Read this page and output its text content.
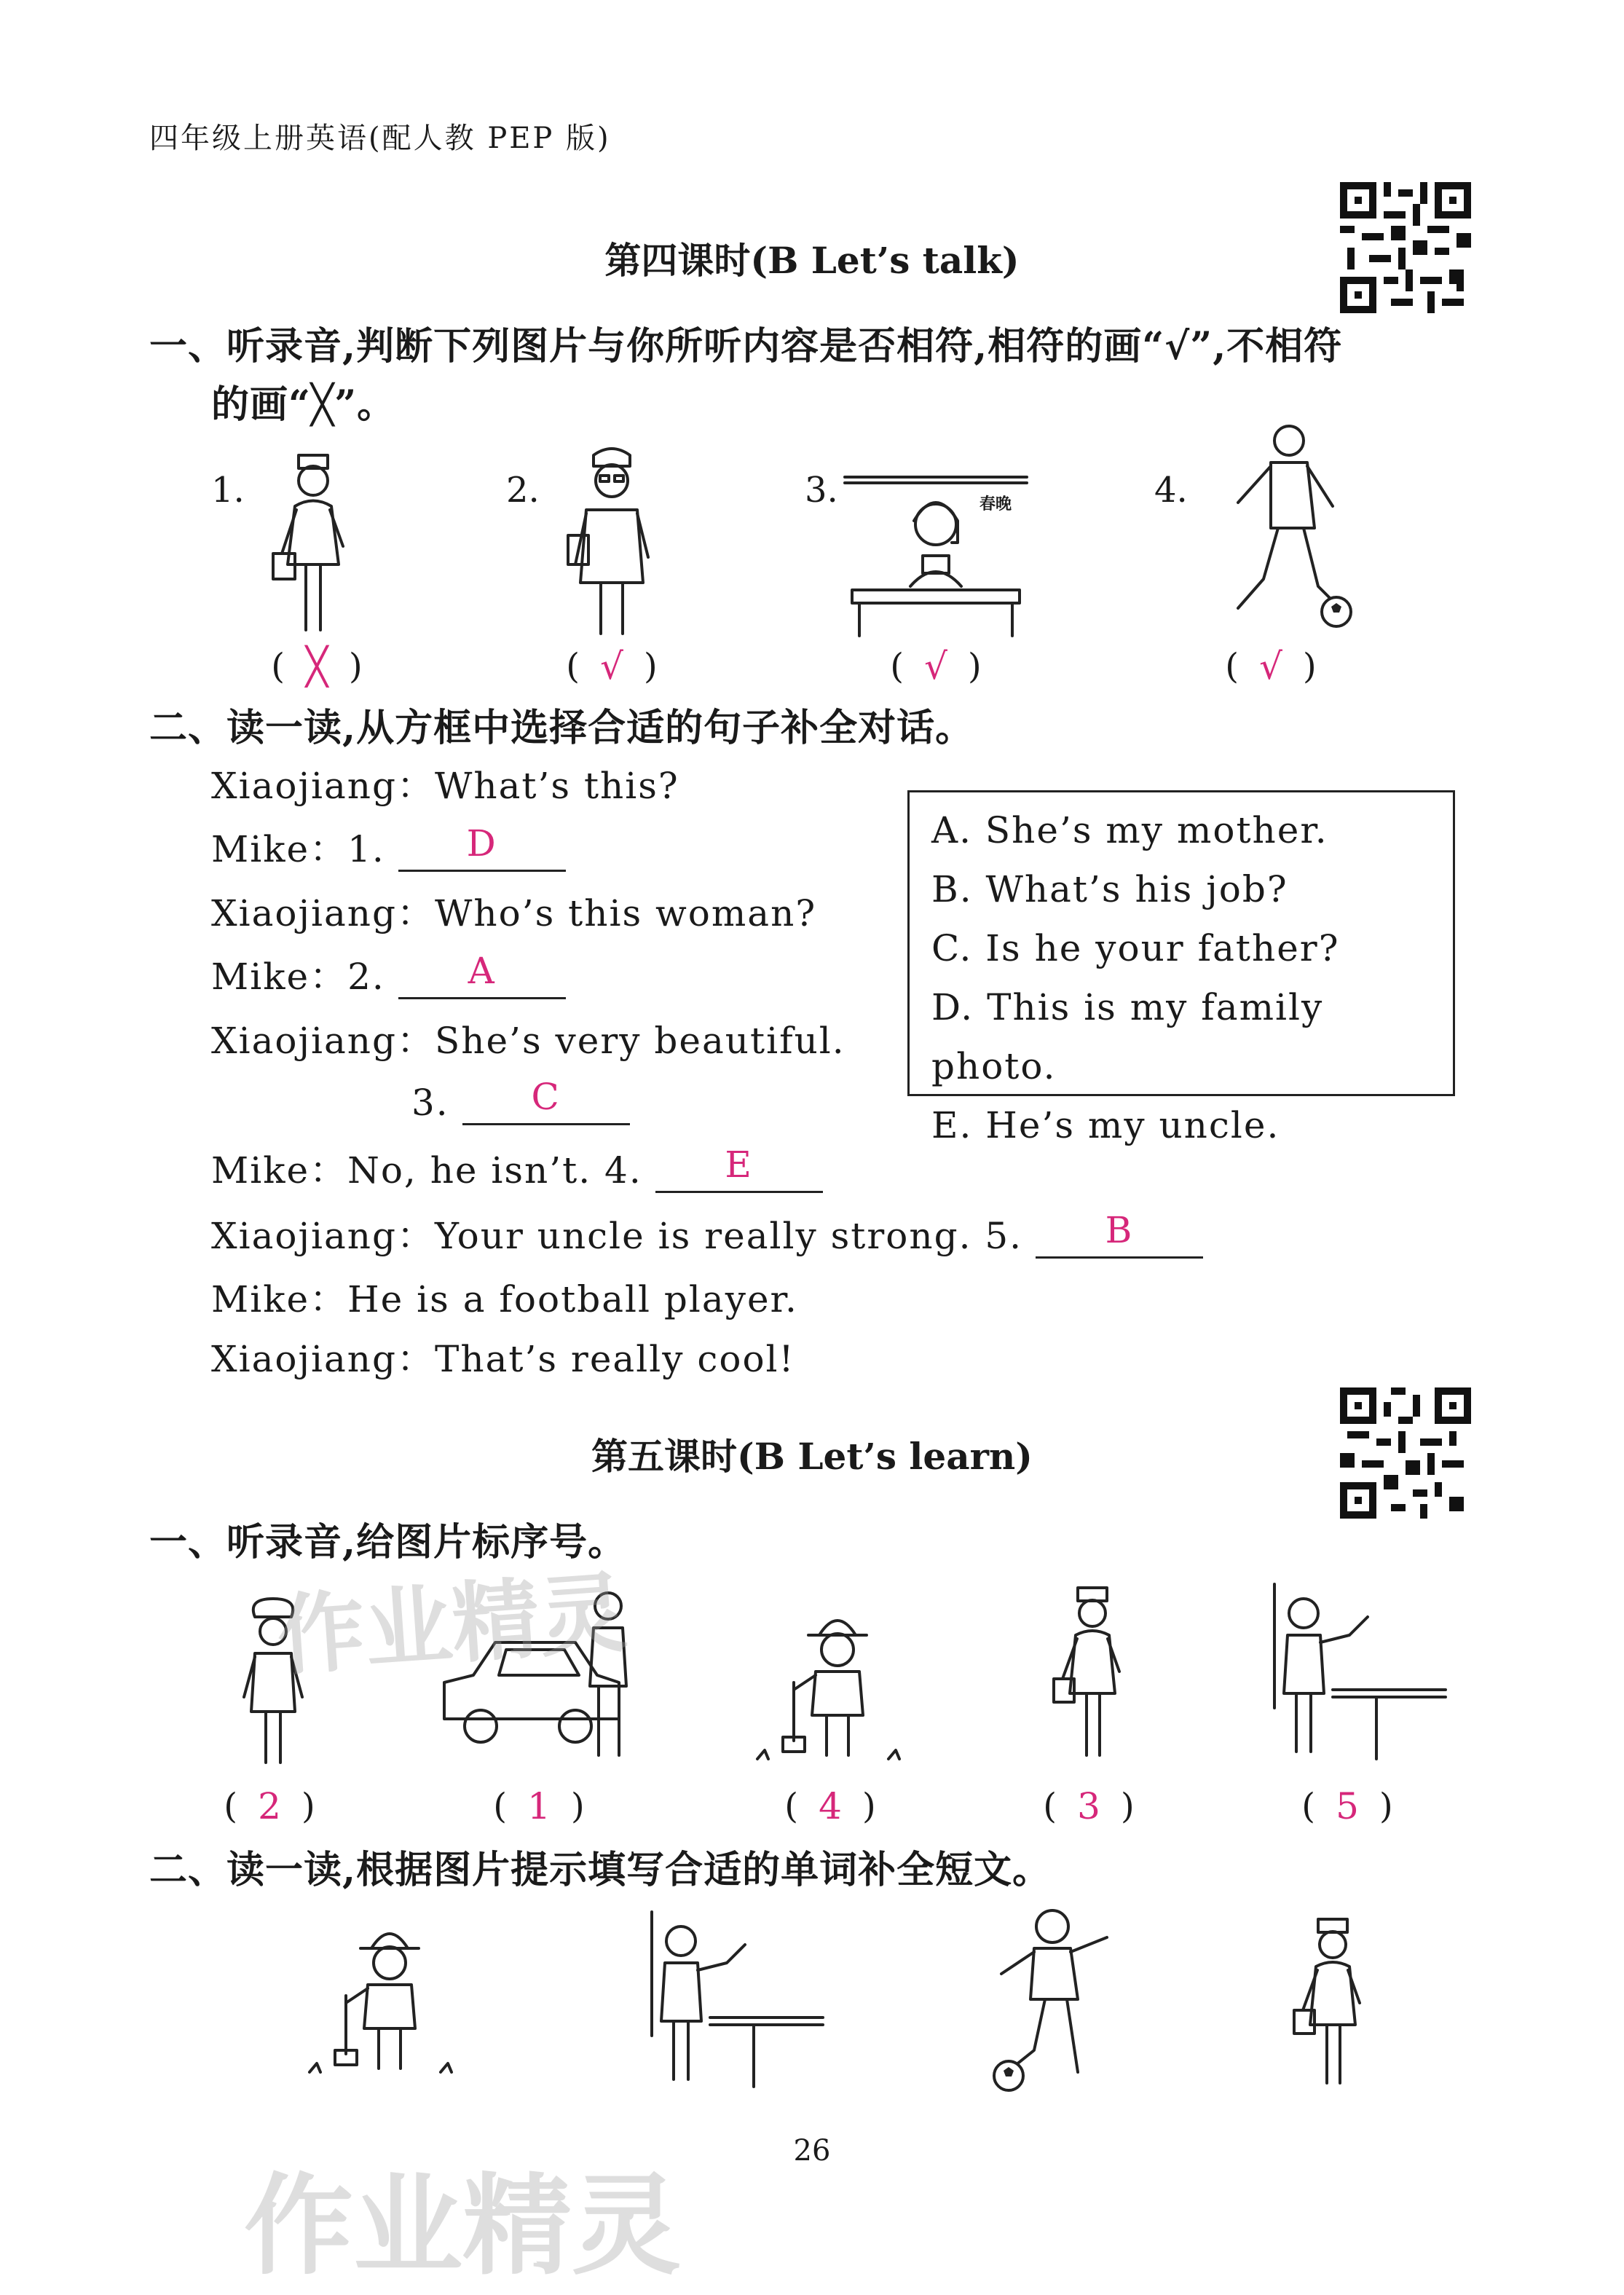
四年级上册英语(配人教 PEP 版)
第四课时(B Let’s talk)
一、听录音,判断下列图片与你所听内容是否相符,相符的画“√”,不相符
的画“╳”。
1.	2.	3.	4.
春晚
( ╳ )	( √ )	( √ )	( √ )
二、读一读,从方框中选择合适的句子补全对话。
Xiaojiang：What’s this?
Mike：1. D
Xiaojiang：Who’s this woman?
Mike：2. A
Xiaojiang：She’s very beautiful.
3. C
Mike：No, he isn’t. 4. E
Xiaojiang：Your uncle is really strong. 5. B
Mike：He is a football player.
Xiaojiang：That’s really cool!
A. She’s my mother.
B. What’s his job?
C. Is he your father?
D. This is my family photo.
E. He’s my uncle.
第五课时(B Let’s learn)
一、听录音,给图片标序号。
( 2 )	( 1 )	( 4 )	( 3 )	( 5 )
二、读一读,根据图片提示填写合适的单词补全短文。
26
作业精灵
作业精灵
